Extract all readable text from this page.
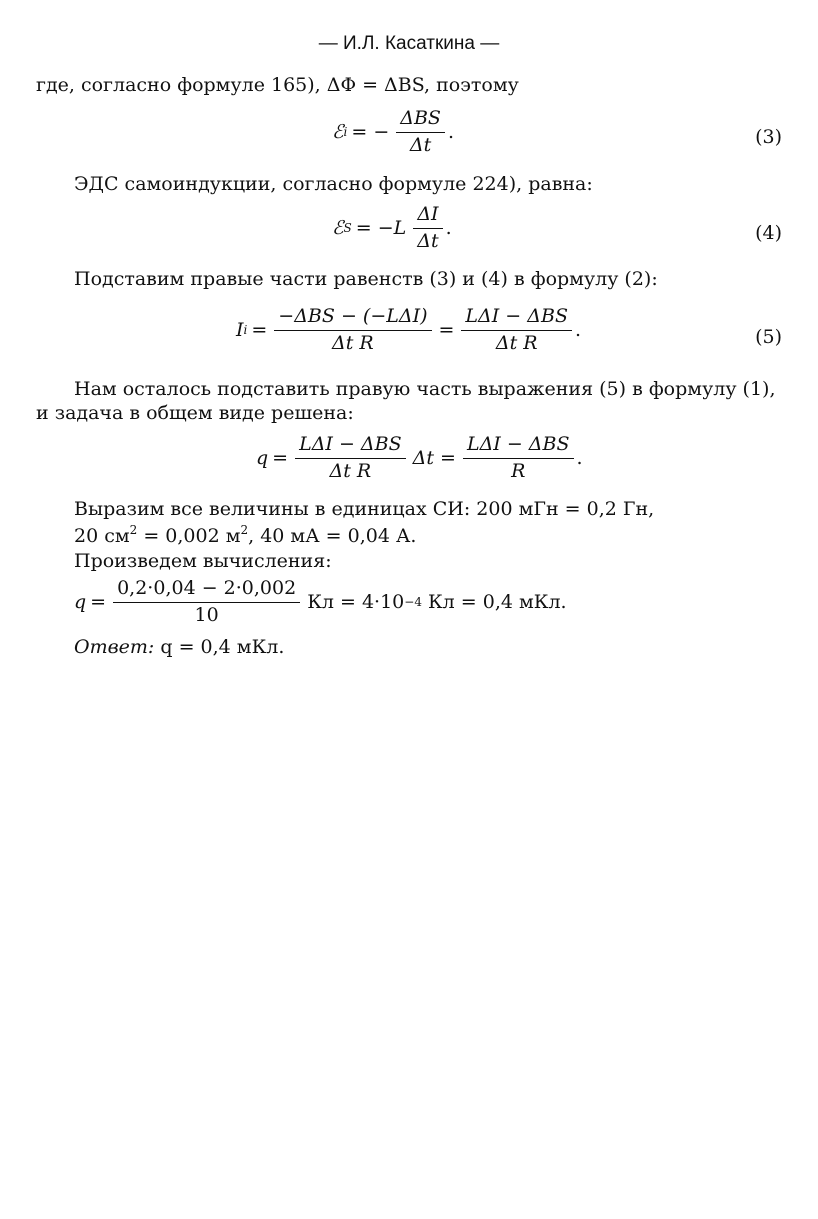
— И.Л. Касаткина —
где, согласно формуле 165), ΔΦ = ΔBS, поэтому
ℰ i = − $\frac{\text{ΔBS}}{\Delta t}$ .	(3)
ЭДС самоиндукции, согласно формуле 224), равна:
ℰ $S = -L \frac{\Delta I}{\Delta t}$ .	(4)
Подставим правые части равенств (3) и (4) в формулу (2):
I $i = \frac{\text{−ΔBS − (−LΔI)}}{\text{Δt R}} = \frac{\text{LΔI − ΔBS}}{\text{Δt R}}$ .	(5)
Нам осталось подставить правую часть выражения (5) в формулу (1),
и задача в общем виде решена:
$q = \frac{\text{LΔI − ΔBS}}{\text{Δt R}}$ $\Delta t = \frac{\text{LΔI − ΔBS}}{R}$ .
Выразим все величины в единицах СИ: 200 мГн = 0,2 Гн,
20 $см^2 = 0,002$ $м^2$, 40 мА = 0,04 А.
Произведем вычисления:
$q = \frac{0,2\cdot 0,04 - 2\cdot 0,002}{10}$ Кл = 4·10 −4 Кл = 0,4 мКл.
Ответ: q = 0,4 мКл.
